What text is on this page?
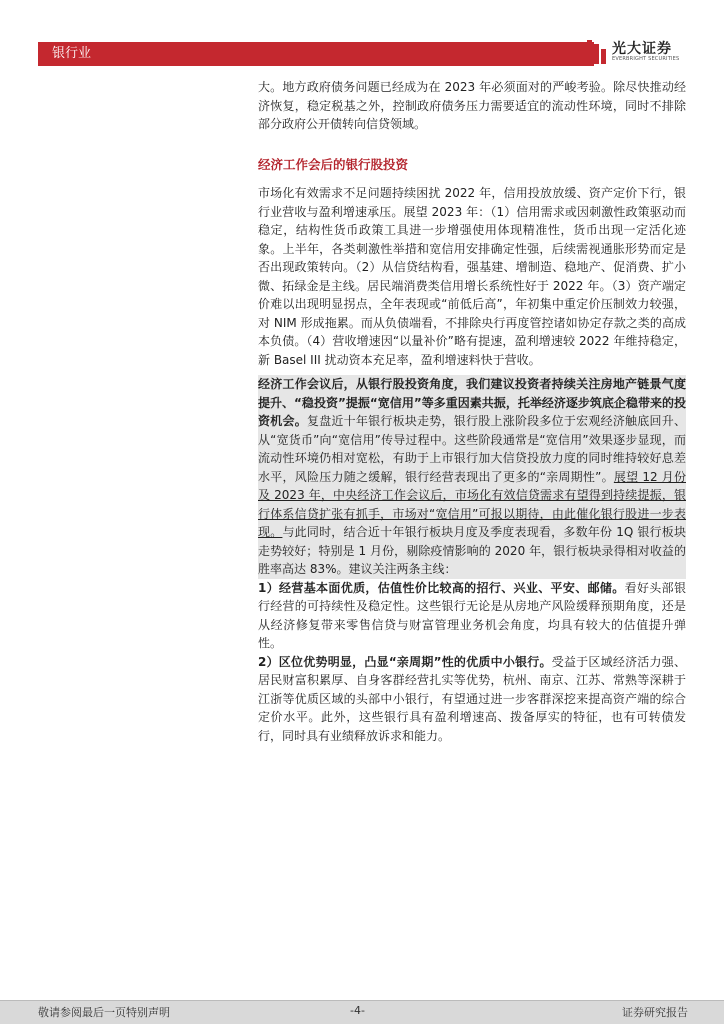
银行业	光大证券
EVERBRIGHT SECURITIES

大。地方政府债务问题已经成为在 2023 年必须面对的严峻考验。除尽快推动经济恢复，稳定税基之外，控制政府债务压力需要适宜的流动性环境，同时不排除部分政府公开债转向信贷领域。

经济工作会后的银行股投资

市场化有效需求不足问题持续困扰 2022 年，信用投放放缓、资产定价下行，银行业营收与盈利增速承压。展望 2023 年：（1）信用需求或因刺激性政策驱动而稳定，结构性货币政策工具进一步增强使用体现精准性，货币出现一定活化迹象。上半年，各类刺激性举措和宽信用安排确定性强，后续需视通胀形势而定是否出现政策转向。（2）从信贷结构看，强基建、增制造、稳地产、促消费、扩小微、拓绿金是主线。居民端消费类信用增长系统性好于 2022 年。（3）资产端定价难以出现明显拐点，全年表现或“前低后高”，年初集中重定价压制效力较强，对 NIM 形成拖累。而从负债端看，不排除央行再度管控诸如协定存款之类的高成本负债。（4）营收增速因“以量补价”略有提速，盈利增速较 2022 年维持稳定，新 Basel III 扰动资本充足率，盈利增速料快于营收。

经济工作会议后，从银行股投资角度，我们建议投资者持续关注房地产链景气度提升、“稳投资”提振“宽信用”等多重因素共振，托举经济逐步筑底企稳带来的投资机会。复盘近十年银行板块走势，银行股上涨阶段多位于宏观经济触底回升、从“宽货币”向“宽信用”传导过程中。这些阶段通常是“宽信用”效果逐步显现，而流动性环境仍相对宽松，有助于上市银行加大信贷投放力度的同时维持较好息差水平，风险压力随之缓解，银行经营表现出了更多的“亲周期性”。展望 12 月份及 2023 年，中央经济工作会议后，市场化有效信贷需求有望得到持续提振，银行体系信贷扩张有抓手，市场对“宽信用”可报以期待，由此催化银行股进一步表现。与此同时，结合近十年银行板块月度及季度表现看，多数年份 1Q 银行板块走势较好；特别是 1 月份，剔除疫情影响的 2020 年，银行板块录得相对收益的胜率高达 83%。建议关注两条主线：

1）经营基本面优质，估值性价比较高的招行、兴业、平安、邮储。看好头部银行经营的可持续性及稳定性。这些银行无论是从房地产风险缓释预期角度，还是从经济修复带来零售信贷与财富管理业务机会角度，均具有较大的估值提升弹性。

2）区位优势明显，凸显“亲周期”性的优质中小银行。受益于区域经济活力强、居民财富积累厚、自身客群经营扎实等优势，杭州、南京、江苏、常熟等深耕于江浙等优质区域的头部中小银行，有望通过进一步客群深挖来提高资产端的综合定价水平。此外，这些银行具有盈利增速高、拨备厚实的特征，也有可转债发行，同时具有业绩释放诉求和能力。

敬请参阅最后一页特别声明	-4-	证券研究报告
